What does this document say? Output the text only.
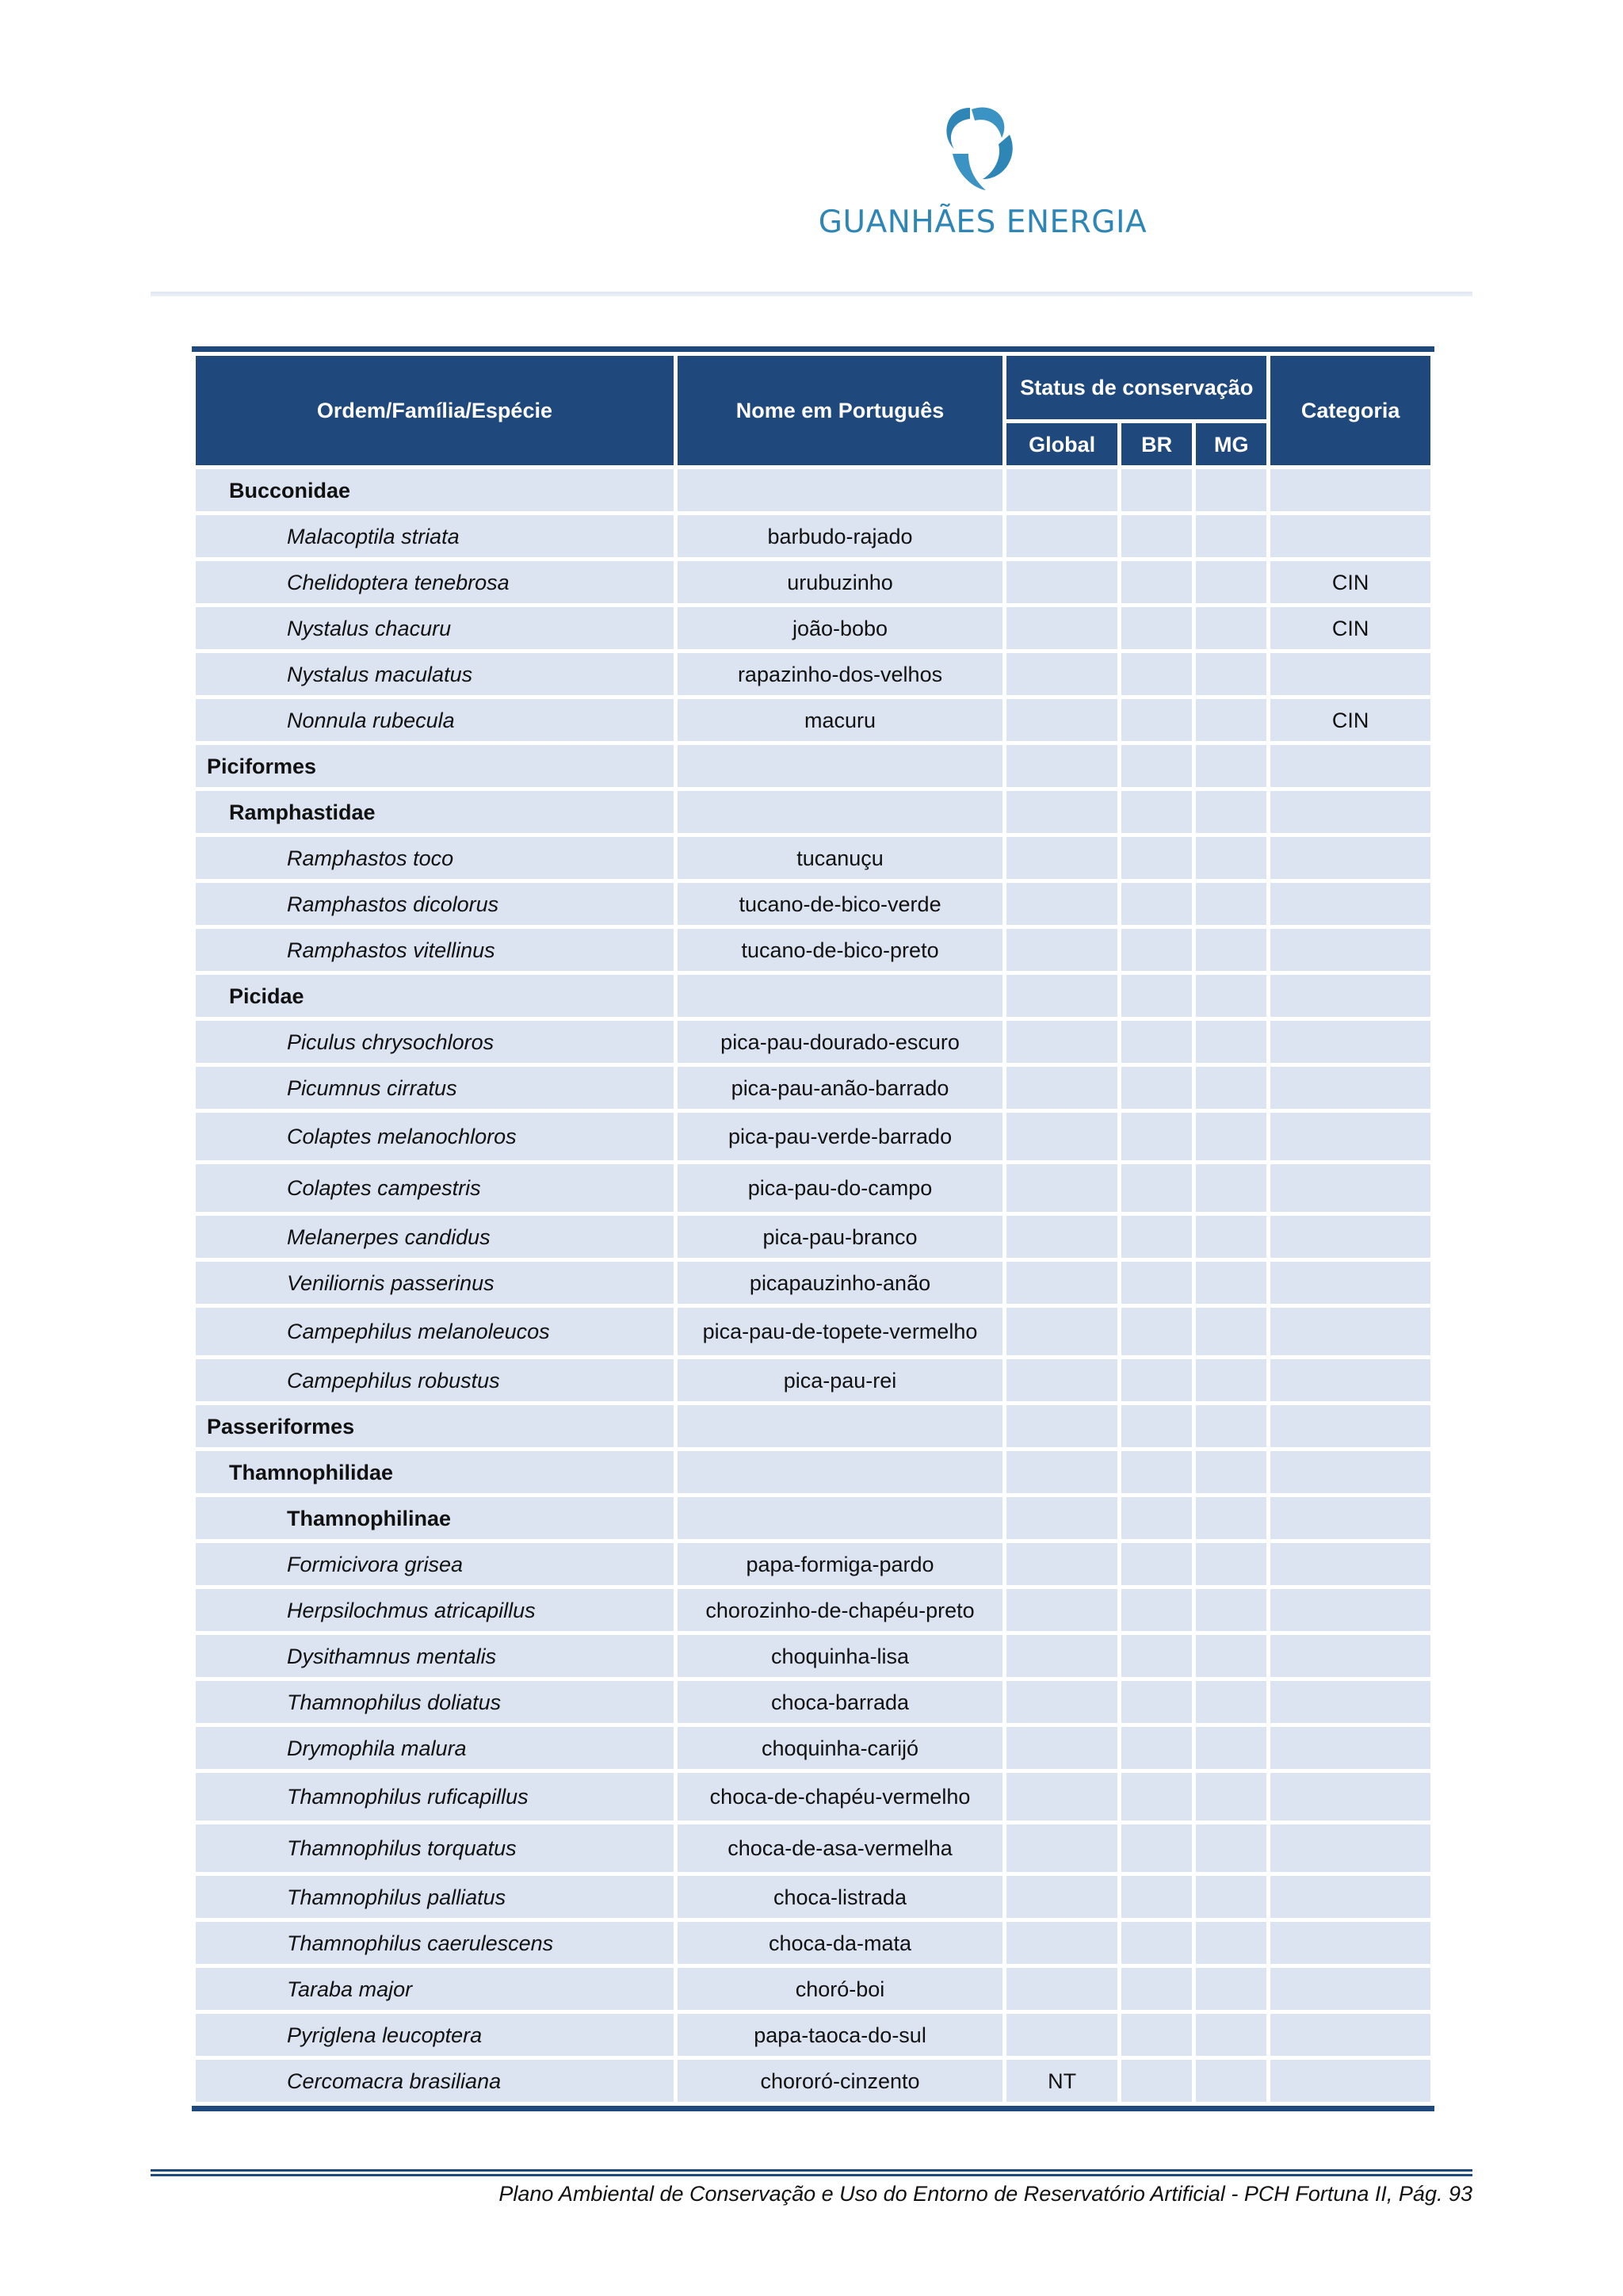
GUANHÃES ENERGIA
Ordem/Família/Espécie	Nome em Português	Status de conservação			Categoria
		Global	BR	MG	
Bucconidae					
Malacoptila striata	barbudo-rajado				
Chelidoptera tenebrosa	urubuzinho				CIN
Nystalus chacuru	joão-bobo				CIN
Nystalus maculatus	rapazinho-dos-velhos				
Nonnula rubecula	macuru				CIN
Piciformes					
Ramphastidae					
Ramphastos toco	tucanuçu				
Ramphastos dicolorus	tucano-de-bico-verde				
Ramphastos vitellinus	tucano-de-bico-preto				
Picidae					
Piculus chrysochloros	pica-pau-dourado-escuro				
Picumnus cirratus	pica-pau-anão-barrado				
Colaptes melanochloros	pica-pau-verde-barrado				
Colaptes campestris	pica-pau-do-campo				
Melanerpes candidus	pica-pau-branco				
Veniliornis passerinus	picapauzinho-anão				
Campephilus melanoleucos	pica-pau-de-topete-vermelho				
Campephilus robustus	pica-pau-rei				
Passeriformes					
Thamnophilidae					
Thamnophilinae					
Formicivora grisea	papa-formiga-pardo				
Herpsilochmus atricapillus	chorozinho-de-chapéu-preto				
Dysithamnus mentalis	choquinha-lisa				
Thamnophilus doliatus	choca-barrada				
Drymophila malura	choquinha-carijó				
Thamnophilus ruficapillus	choca-de-chapéu-vermelho				
Thamnophilus torquatus	choca-de-asa-vermelha				
Thamnophilus palliatus	choca-listrada				
Thamnophilus caerulescens	choca-da-mata				
Taraba major	choró-boi				
Pyriglena leucoptera	papa-taoca-do-sul				
Cercomacra brasiliana	chororó-cinzento	NT			
Plano Ambiental de Conservação e Uso do Entorno de Reservatório Artificial - PCH Fortuna II, Pág. 93
